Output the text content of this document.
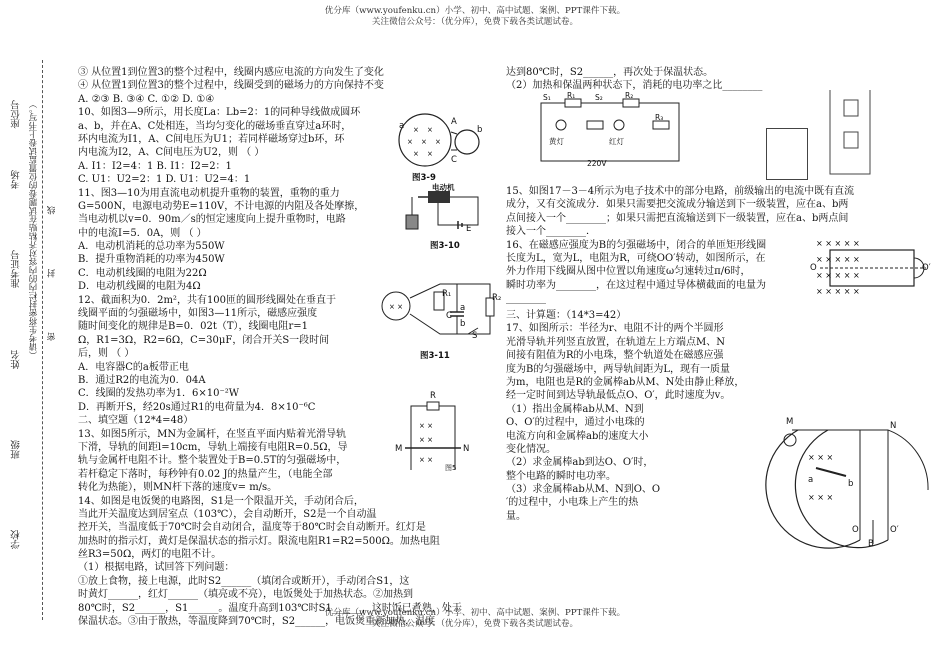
优分库（www.youfenku.cn）小学、初中、高中试题、案例、PPT课件下载。
关注微信公众号：（优分库），免费下载各类试题试卷。
座位号
考场
准考证号
姓名
班级
学校
（请考生将密封栏内的内容对齐粘贴在试题卷的位置监试卷上书写。） 密 封 线
③ 从位置1到位置3的整个过程中，线圈内感应电流的方向发生了变化
④ 从位置1到位置3的整个过程中，线圈受到的磁场力的方向保持不变
A. ②③ B. ③④ C. ①② D. ①④
10、如图3—9所示，用长度La：Lb=2：1的同种导线做成圆环
a、b，并在A、C处相连，当均匀变化的磁场垂直穿过a环时，
环内电流为I1，A、C间电压为U1；若同样磁场穿过b环，环
内电流为I2，A、C间电压为U2，则 （ ）
A. I1：I2=4：1 B. I1：I2=2：1
C. U1：U2=2：1 D. U1：U2=4：1
11、图3—10为用直流电动机提升重物的装置，重物的重力
G=500N，电源电动势E=110V，不计电源的内阻及各处摩擦，
当电动机以v=0．90m／s的恒定速度向上提升重物时，电路
中的电流I=5．0A，则 （ ）
A．电动机消耗的总功率为550W
B．提升重物消耗的功率为450W
C．电动机线圈的电阻为22Ω
D．电动机线圈的电阻为4Ω
12、截面积为0．2m²，共有100匝的圆形线圈处在垂直于
线圈平面的匀强磁场中，如图3—11所示，磁感应强度
随时间变化的规律是B=0．02t（T），线圈电阻r=1
Ω，R1=3Ω，R2=6Ω，C=30μF，闭合开关S一段时间
后，则 （ ）
A．电容器C的a板带正电
B．通过R2的电流为0．04A
C．线圈的发热功率为1．6×10⁻²W
D．再断开S，经20s通过R1的电荷量为4．8×10⁻⁶C
二、填空题（12*4=48）
13、如图5所示，MN为金属杆，在竖直平面内贴着光滑导轨
下滑，导轨的间距l=10cm，导轨上端接有电阻R=0.5Ω，导
轨与金属杆电阻不计。整个装置处于B=0.5T的匀强磁场中，
若杆稳定下落时，每秒钟有0.02 J的热量产生，（电能全部
转化为热能），则MN杆下落的速度v= m/s。
14、如图是电饭煲的电路图，S1是一个限温开关，手动闭合后，
当此开关温度达到居室点（103℃），会自动断开，S2是一个自动温
控开关，当温度低于70℃时会自动闭合，温度等于80℃时会自动断开。红灯是
加热时的指示灯，黄灯是保温状态的指示灯。限流电阻R1=R2=500Ω。加热电阻
丝R3=50Ω，两灯的电阻不计。
（1）根据电路，试回答下列问题：
①放上食物，接上电源，此时S2______（填闭合或断开），手动闭合S1，这
时黄灯______，红灯______（填亮或不亮），电饭煲处于加热状态。②加热到
80℃时，S2______，S1______。温度升高到103℃时S1______，这时饭已煮熟，处于
保温状态。③由于散热，等温度降到70℃时，S2______，电饭煲重新加热，温度
达到80℃时，S2______，再次处于保温状态。
（2）加热和保温两种状态下，消耗的电功率之比________
15、如图17－3－4所示为电子技术中的部分电路，前级输出的电流中既有直流
成分，又有交流成分．如果只需要把交流成分输送到下一级装置，应在a、b两
点间接入一个________；如果只需把直流输送到下一级装置，应在a、b两点间
接入一个________．
16、在磁感应强度为B的匀强磁场中，闭合的单匝矩形线圈
长度为L，宽为L，电阻为R，可绕OO′转动，如图所示，在
外力作用下线圈从图中位置以角速度ω匀速转过π/6时，
瞬时功率为________，在这过程中通过导体横截面的电量为
________
三、计算题：（14*3=42）
17、如图所示：半径为r、电阻不计的两个半圆形
光滑导轨并列竖直放置，在轨道左上方端点M、N
间接有阻值为R的小电珠，整个轨道处在磁感应强
度为B的匀强磁场中，两导轨间距为L，现有一质量
为m，电阻也是R的金属棒ab从M、N处由静止释放，
经一定时间到达导轨最低点O、O′，此时速度为v。
（1）指出金属棒ab从M、N到
O、O′的过程中，通过小电珠的
电流方向和金属棒ab的速度大小
变化情况。
（2）求金属棒ab到达O、O′时，
整个电路的瞬时电功率。
（3）求金属棒ab从M、N到O、O
′的过程中，小电珠上产生的热
量。
× ×
× × ×
× ×
A
C
a	b
图3-9
电动机
E
图3-10
× ×
R₁	R₂
C
a
b
S
图3-11
× ×
× ×
× ×
R
M	N
图5
220V
黄灯	红灯
S₁	S₂
R₁	R₂
R₃
× × × × ×
× × × × ×
× × × × ×
× × × × ×
O	O′
× × ×
× × ×
M	N
a	b
O	O′
B
优分库（www.youfenku.cn）小学、初中、高中试题、案例、PPT课件下载。
关注微信公众号：（优分库），免费下载各类试题试卷。
